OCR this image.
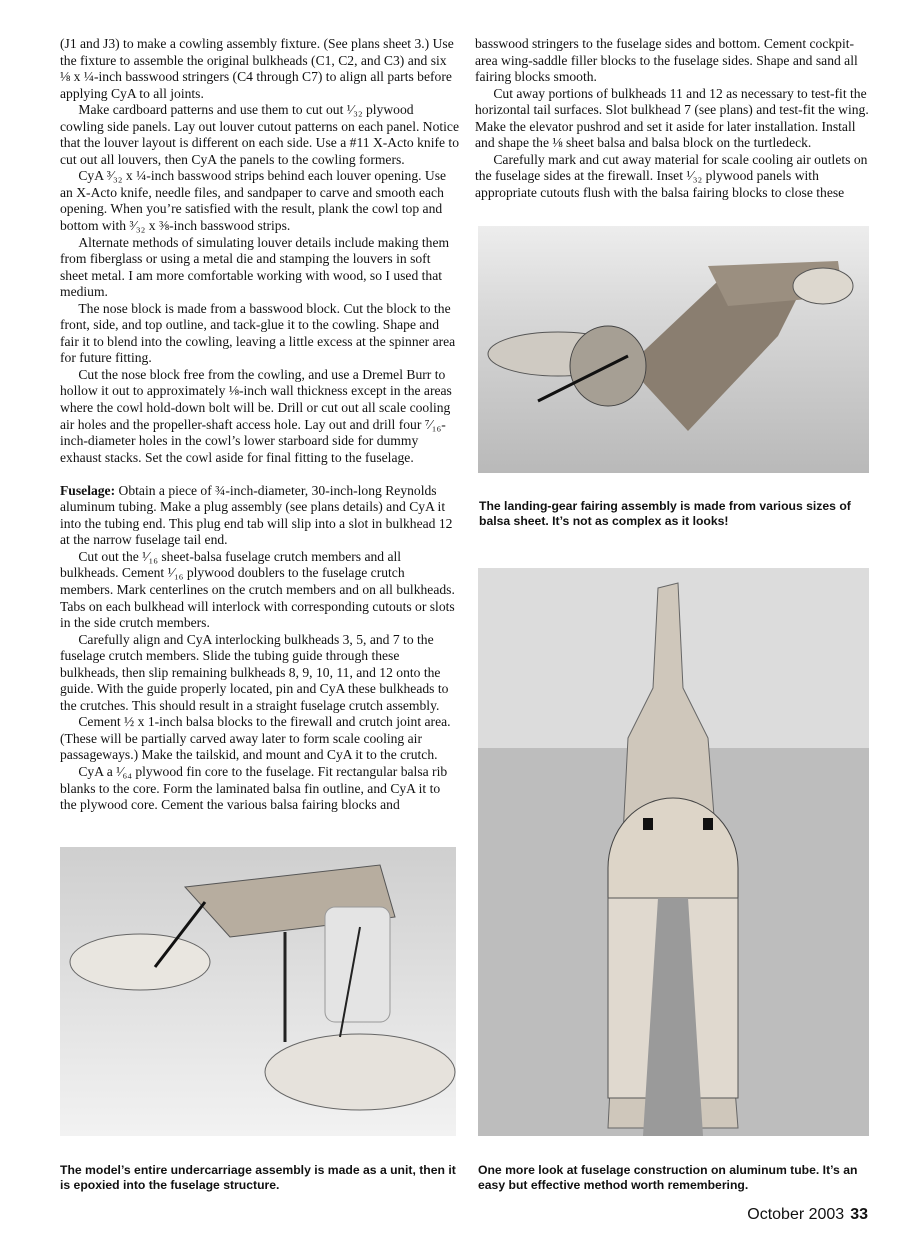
(J1 and J3) to make a cowling assembly fixture. (See plans sheet 3.) Use the fixture to assemble the original bulkheads (C1, C2, and C3) and six ⅛ x ¼-inch basswood stringers (C4 through C7) to align all parts before applying CyA to all joints.

Make cardboard patterns and use them to cut out ¹⁄₃₂ plywood cowling side panels. Lay out louver cutout patterns on each panel. Notice that the louver layout is different on each side. Use a #11 X-Acto knife to cut out all louvers, then CyA the panels to the cowling formers.

CyA ³⁄₃₂ x ¼-inch basswood strips behind each louver opening. Use an X-Acto knife, needle files, and sandpaper to carve and smooth each opening. When you’re satisfied with the result, plank the cowl top and bottom with ³⁄₃₂ x ⅜-inch basswood strips.

Alternate methods of simulating louver details include making them from fiberglass or using a metal die and stamping the louvers in soft sheet metal. I am more comfortable working with wood, so I used that medium.

The nose block is made from a basswood block. Cut the block to the front, side, and top outline, and tack-glue it to the cowling. Shape and fair it to blend into the cowling, leaving a little excess at the spinner area for future fitting.

Cut the nose block free from the cowling, and use a Dremel Burr to hollow it out to approximately ⅛-inch wall thickness except in the areas where the cowl hold-down bolt will be. Drill or cut out all scale cooling air holes and the propeller-shaft access hole. Lay out and drill four ⁷⁄₁₆-inch-diameter holes in the cowl’s lower starboard side for dummy exhaust stacks. Set the cowl aside for final fitting to the fuselage.

Fuselage: Obtain a piece of ¾-inch-diameter, 30-inch-long Reynolds aluminum tubing. Make a plug assembly (see plans details) and CyA it into the tubing end. This plug end tab will slip into a slot in bulkhead 12 at the narrow fuselage tail end.

Cut out the ¹⁄₁₆ sheet-balsa fuselage crutch members and all bulkheads. Cement ¹⁄₁₆ plywood doublers to the fuselage crutch members. Mark centerlines on the crutch members and on all bulkheads. Tabs on each bulkhead will interlock with corresponding cutouts or slots in the side crutch members.

Carefully align and CyA interlocking bulkheads 3, 5, and 7 to the fuselage crutch members. Slide the tubing guide through these bulkheads, then slip remaining bulkheads 8, 9, 10, 11, and 12 onto the guide. With the guide properly located, pin and CyA these bulkheads to the crutches. This should result in a straight fuselage crutch assembly.

Cement ½ x 1-inch balsa blocks to the firewall and crutch joint area. (These will be partially carved away later to form scale cooling air passageways.) Make the tailskid, and mount and CyA it to the crutch.

CyA a ¹⁄₆₄ plywood fin core to the fuselage. Fit rectangular balsa rib blanks to the core. Form the laminated balsa fin outline, and CyA it to the plywood core. Cement the various balsa fairing blocks and

basswood stringers to the fuselage sides and bottom. Cement cockpit-area wing-saddle filler blocks to the fuselage sides. Shape and sand all fairing blocks smooth.

Cut away portions of bulkheads 11 and 12 as necessary to test-fit the horizontal tail surfaces. Slot bulkhead 7 (see plans) and test-fit the wing. Make the elevator pushrod and set it aside for later installation. Install and shape the ⅛ sheet balsa and balsa block on the turtledeck.

Carefully mark and cut away material for scale cooling air outlets on the fuselage sides at the firewall. Inset ¹⁄₃₂ plywood panels with appropriate cutouts flush with the balsa fairing blocks to close these

The landing-gear fairing assembly is made from various sizes of balsa sheet. It’s not as complex as it looks!
The model’s entire undercarriage assembly is made as a unit, then it is epoxied into the fuselage structure.
One more look at fuselage construction on aluminum tube. It’s an easy but effective method worth remembering.
October 2003 33
